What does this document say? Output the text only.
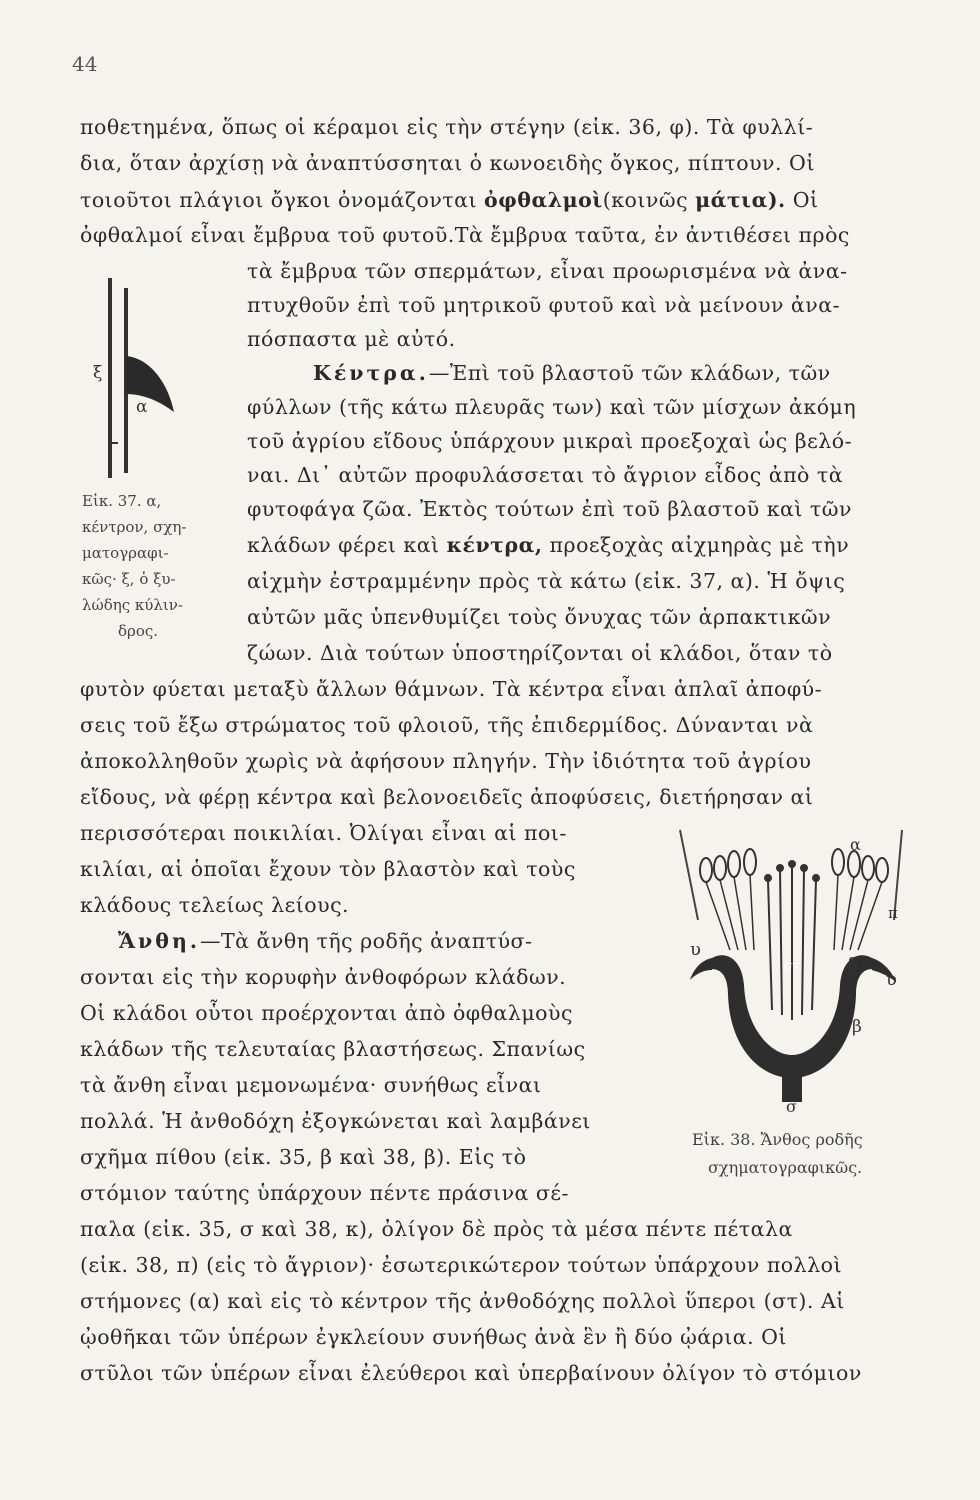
44
ποθετημένα, ὅπως οἱ κέραμοι εἰς τὴν στέγην (εἰκ. 36, φ). Τὰ φυλλί-
δια, ὅταν ἀρχίσῃ νὰ ἀναπτύσσηται ὁ κωνοειδὴς ὄγκος, πίπτουν. Οἱ
τοιοῦτοι πλάγιοι ὄγκοι ὀνομάζονται ὀφθαλμοὶ(κοινῶς μάτια). Οἱ
ὀφθαλμοί εἶναι ἔμβρυα τοῦ φυτοῦ.Τὰ ἔμβρυα ταῦτα, ἐν ἀντιθέσει πρὸς
ξ
α
Εἰκ. 37. α,
κέντρον, σχη-
ματογραφι-
κῶς· ξ, ὁ ξυ-
λώδης κύλιν-
δρος.
τὰ ἔμβρυα τῶν σπερμάτων, εἶναι προωρισμένα νὰ ἀνα-
πτυχθοῦν ἐπὶ τοῦ μητρικοῦ φυτοῦ καὶ νὰ μείνουν ἀνα-
πόσπαστα μὲ αὐτό.
Κέντρα.—Ἐπὶ τοῦ βλαστοῦ τῶν κλάδων, τῶν
φύλλων (τῆς κάτω πλευρᾶς των) καὶ τῶν μίσχων ἀκόμη
τοῦ ἀγρίου εἴδους ὑπάρχουν μικραὶ προεξοχαὶ ὡς βελό-
ναι. Δι᾿ αὐτῶν προφυλάσσεται τὸ ἄγριον εἶδος ἀπὸ τὰ
φυτοφάγα ζῶα. Ἐκτὸς τούτων ἐπὶ τοῦ βλαστοῦ καὶ τῶν
κλάδων φέρει καὶ κέντρα, προεξοχὰς αἰχμηρὰς μὲ τὴν
αἰχμὴν ἐστραμμένην πρὸς τὰ κάτω (εἰκ. 37, α). Ἡ ὄψις
αὐτῶν μᾶς ὑπενθυμίζει τοὺς ὄνυχας τῶν ἁρπακτικῶν
ζώων. Διὰ τούτων ὑποστηρίζονται οἱ κλάδοι, ὅταν τὸ
φυτὸν φύεται μεταξὺ ἄλλων θάμνων. Τὰ κέντρα εἶναι ἁπλαῖ ἀποφύ-
σεις τοῦ ἔξω στρώματος τοῦ φλοιοῦ, τῆς ἐπιδερμίδος. Δύνανται νὰ
ἀποκολληθοῦν χωρὶς νὰ ἀφήσουν πληγήν. Τὴν ἰδιότητα τοῦ ἀγρίου
εἴδους, νὰ φέρῃ κέντρα καὶ βελονοειδεῖς ἀποφύσεις, διετήρησαν αἱ
περισσότεραι ποικιλίαι. Ὀλίγαι εἶναι αἱ ποι-
κιλίαι, αἱ ὁποῖαι ἔχουν τὸν βλαστὸν καὶ τοὺς
κλάδους τελείως λείους.
Ἄνθη.—Τὰ ἄνθη τῆς ροδῆς ἀναπτύσ-
σονται εἰς τὴν κορυφὴν ἀνθοφόρων κλάδων.
Οἱ κλάδοι οὗτοι προέρχονται ἀπὸ ὀφθαλμοὺς
κλάδων τῆς τελευταίας βλαστήσεως. Σπανίως
τὰ ἄνθη εἶναι μεμονωμένα· συνήθως εἶναι
πολλά. Ἡ ἀνθοδόχη ἐξογκώνεται καὶ λαμβάνει
σχῆμα πίθου (εἰκ. 35, β καὶ 38, β). Εἰς τὸ
στόμιον ταύτης ὑπάρχουν πέντε πράσινα σέ-
α
π
υ
υ
β
β
στ
σ
Εἰκ. 38. Ἄνθος ροδῆς
σχηματογραφικῶς.
παλα (εἰκ. 35, σ καὶ 38, κ), ὀλίγον δὲ πρὸς τὰ μέσα πέντε πέταλα
(εἰκ. 38, π) (εἰς τὸ ἄγριον)· ἐσωτερικώτερον τούτων ὑπάρχουν πολλοὶ
στήμονες (α) καὶ εἰς τὸ κέντρον τῆς ἀνθοδόχης πολλοὶ ὕπεροι (στ). Αἱ
ᾠοθῆκαι τῶν ὑπέρων ἐγκλείουν συνήθως ἀνὰ ἓν ἢ δύο ᾠάρια. Οἱ
στῦλοι τῶν ὑπέρων εἶναι ἐλεύθεροι καὶ ὑπερβαίνουν ὀλίγον τὸ στόμιον
